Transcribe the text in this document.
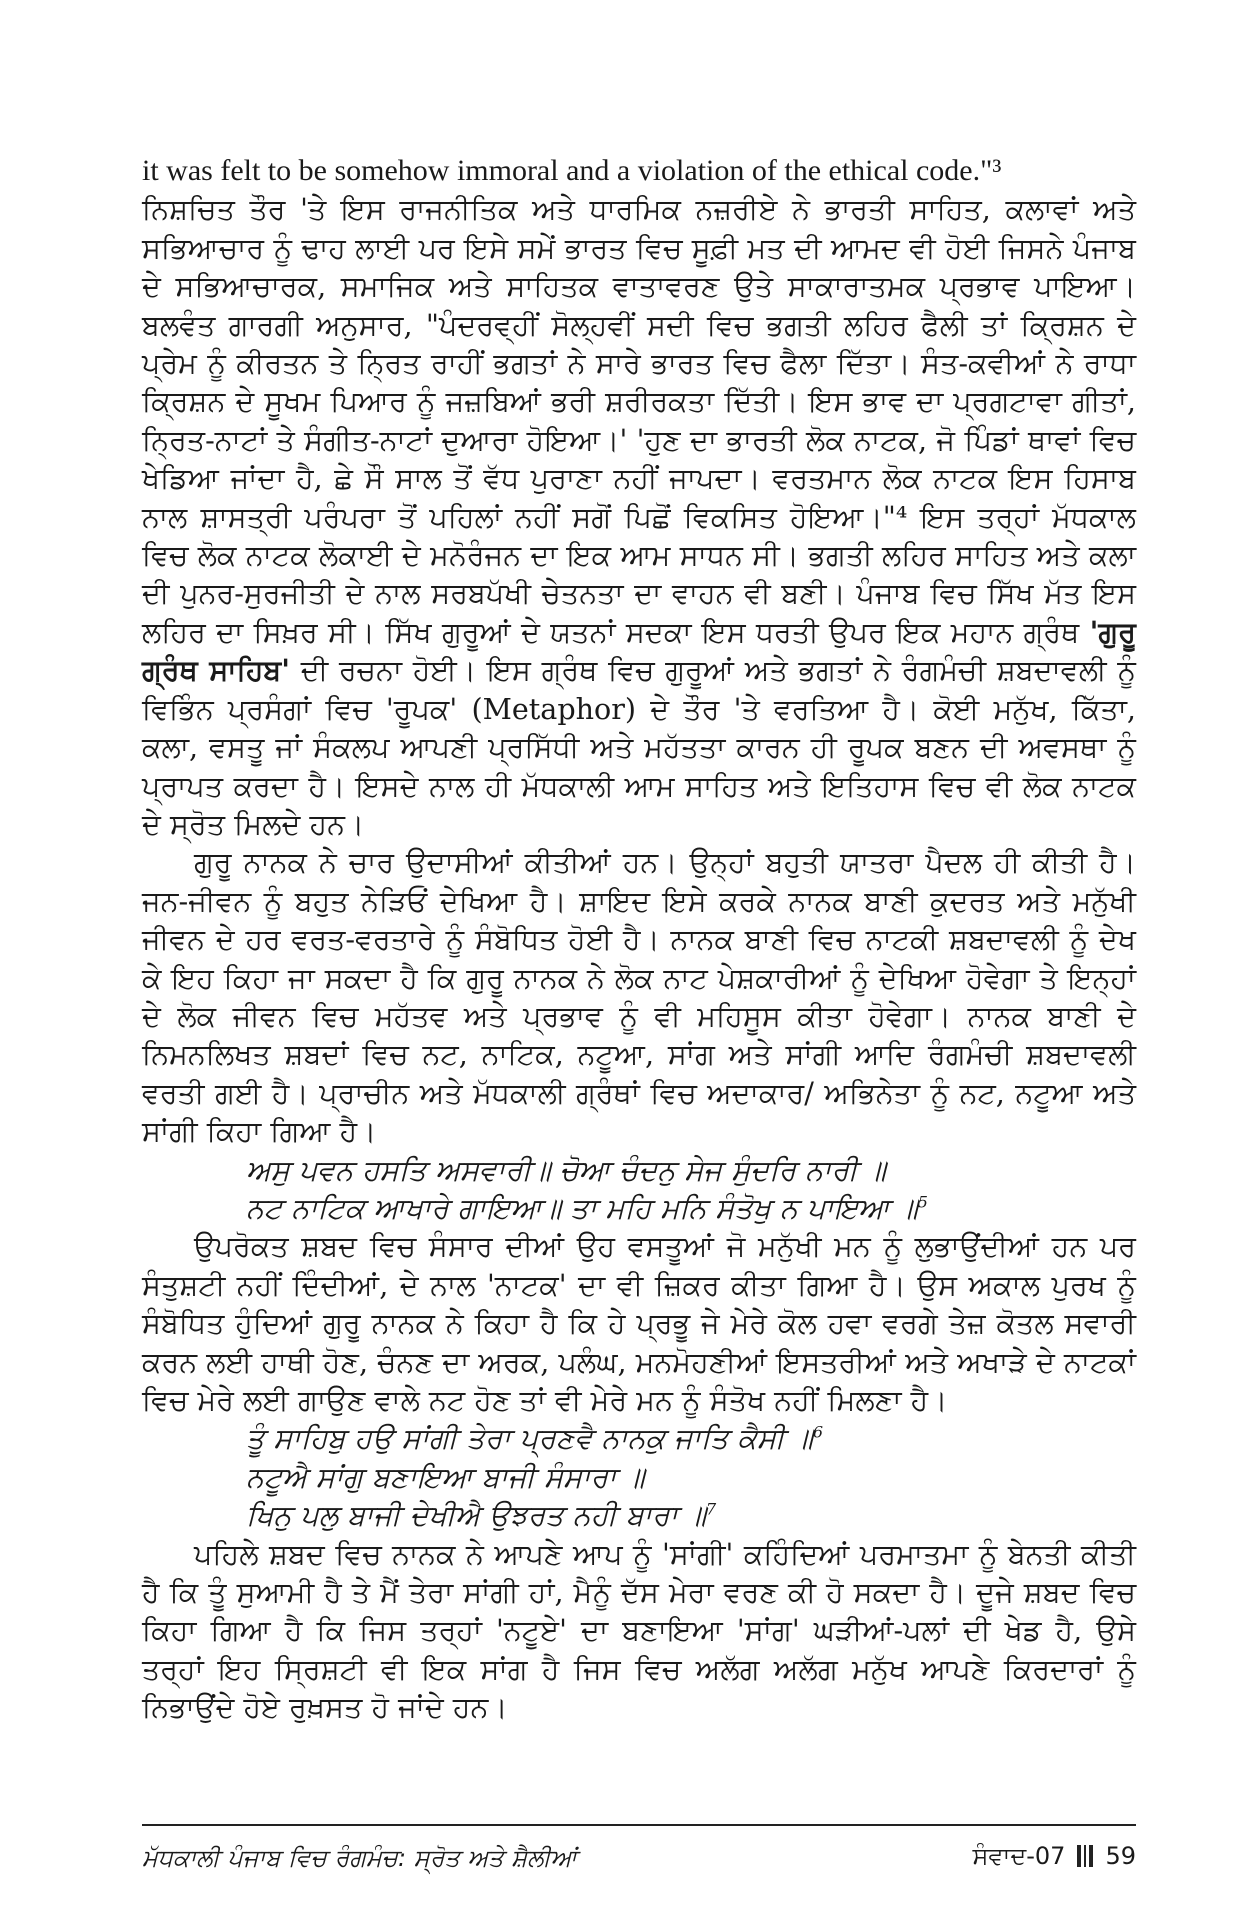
it was felt to be somehow immoral and a violation of the ethical code."³

ਨਿਸ਼ਚਿਤ ਤੌਰ 'ਤੇ ਇਸ ਰਾਜਨੀਤਿਕ ਅਤੇ ਧਾਰਮਿਕ ਨਜ਼ਰੀਏ ਨੇ ਭਾਰਤੀ ਸਾਹਿਤ, ਕਲਾਵਾਂ ਅਤੇ ਸਭਿਆਚਾਰ ਨੂੰ ਢਾਹ ਲਾਈ ਪਰ ਇਸੇ ਸਮੇਂ ਭਾਰਤ ਵਿਚ ਸੂਫ਼ੀ ਮਤ ਦੀ ਆਮਦ ਵੀ ਹੋਈ ਜਿਸਨੇ ਪੰਜਾਬ ਦੇ ਸਭਿਆਚਾਰਕ, ਸਮਾਜਿਕ ਅਤੇ ਸਾਹਿਤਕ ਵਾਤਾਵਰਣ ਉਤੇ ਸਾਕਾਰਾਤਮਕ ਪ੍ਰਭਾਵ ਪਾਇਆ। ਬਲਵੰਤ ਗਾਰਗੀ ਅਨੁਸਾਰ, "ਪੰਦਰਵ੍ਹੀਂ ਸੋਲ੍ਹਵੀਂ ਸਦੀ ਵਿਚ ਭਗਤੀ ਲਹਿਰ ਫੈਲੀ ਤਾਂ ਕ੍ਰਿਸ਼ਨ ਦੇ ਪ੍ਰੇਮ ਨੂੰ ਕੀਰਤਨ ਤੇ ਨ੍ਰਿਤ ਰਾਹੀਂ ਭਗਤਾਂ ਨੇ ਸਾਰੇ ਭਾਰਤ ਵਿਚ ਫੈਲਾ ਦਿੱਤਾ। ਸੰਤ-ਕਵੀਆਂ ਨੇ ਰਾਧਾ ਕ੍ਰਿਸ਼ਨ ਦੇ ਸੂਖਮ ਪਿਆਰ ਨੂੰ ਜਜ਼ਬਿਆਂ ਭਰੀ ਸ਼ਰੀਰਕਤਾ ਦਿੱਤੀ। ਇਸ ਭਾਵ ਦਾ ਪ੍ਰਗਟਾਵਾ ਗੀਤਾਂ, ਨ੍ਰਿਤ-ਨਾਟਾਂ ਤੇ ਸੰਗੀਤ-ਨਾਟਾਂ ਦੁਆਰਾ ਹੋਇਆ।' 'ਹੁਣ ਦਾ ਭਾਰਤੀ ਲੋਕ ਨਾਟਕ, ਜੋ ਪਿੰਡਾਂ ਥਾਵਾਂ ਵਿਚ ਖੇਡਿਆ ਜਾਂਦਾ ਹੈ, ਛੇ ਸੌ ਸਾਲ ਤੋਂ ਵੱਧ ਪੁਰਾਣਾ ਨਹੀਂ ਜਾਪਦਾ। ਵਰਤਮਾਨ ਲੋਕ ਨਾਟਕ ਇਸ ਹਿਸਾਬ ਨਾਲ ਸ਼ਾਸਤ੍ਰੀ ਪਰੰਪਰਾ ਤੋਂ ਪਹਿਲਾਂ ਨਹੀਂ ਸਗੋਂ ਪਿਛੋਂ ਵਿਕਸਿਤ ਹੋਇਆ।"⁴ ਇਸ ਤਰ੍ਹਾਂ ਮੱਧਕਾਲ ਵਿਚ ਲੋਕ ਨਾਟਕ ਲੋਕਾਈ ਦੇ ਮਨੋਰੰਜਨ ਦਾ ਇਕ ਆਮ ਸਾਧਨ ਸੀ। ਭਗਤੀ ਲਹਿਰ ਸਾਹਿਤ ਅਤੇ ਕਲਾ ਦੀ ਪੁਨਰ-ਸੁਰਜੀਤੀ ਦੇ ਨਾਲ ਸਰਬਪੱਖੀ ਚੇਤਨਤਾ ਦਾ ਵਾਹਨ ਵੀ ਬਣੀ। ਪੰਜਾਬ ਵਿਚ ਸਿੱਖ ਮੱਤ ਇਸ ਲਹਿਰ ਦਾ ਸਿਖ਼ਰ ਸੀ। ਸਿੱਖ ਗੁਰੂਆਂ ਦੇ ਯਤਨਾਂ ਸਦਕਾ ਇਸ ਧਰਤੀ ਉਪਰ ਇਕ ਮਹਾਨ ਗ੍ਰੰਥ 'ਗੁਰੂ ਗ੍ਰੰਥ ਸਾਹਿਬ' ਦੀ ਰਚਨਾ ਹੋਈ। ਇਸ ਗ੍ਰੰਥ ਵਿਚ ਗੁਰੂਆਂ ਅਤੇ ਭਗਤਾਂ ਨੇ ਰੰਗਮੰਚੀ ਸ਼ਬਦਾਵਲੀ ਨੂੰ ਵਿਭਿੰਨ ਪ੍ਰਸੰਗਾਂ ਵਿਚ 'ਰੂਪਕ' (Metaphor) ਦੇ ਤੌਰ 'ਤੇ ਵਰਤਿਆ ਹੈ। ਕੋਈ ਮਨੁੱਖ, ਕਿੱਤਾ, ਕਲਾ, ਵਸਤੂ ਜਾਂ ਸੰਕਲਪ ਆਪਣੀ ਪ੍ਰਸਿੱਧੀ ਅਤੇ ਮਹੱਤਤਾ ਕਾਰਨ ਹੀ ਰੂਪਕ ਬਣਨ ਦੀ ਅਵਸਥਾ ਨੂੰ ਪ੍ਰਾਪਤ ਕਰਦਾ ਹੈ। ਇਸਦੇ ਨਾਲ ਹੀ ਮੱਧਕਾਲੀ ਆਮ ਸਾਹਿਤ ਅਤੇ ਇਤਿਹਾਸ ਵਿਚ ਵੀ ਲੋਕ ਨਾਟਕ ਦੇ ਸ੍ਰੋਤ ਮਿਲਦੇ ਹਨ।

ਗੁਰੂ ਨਾਨਕ ਨੇ ਚਾਰ ਉਦਾਸੀਆਂ ਕੀਤੀਆਂ ਹਨ। ਉਨ੍ਹਾਂ ਬਹੁਤੀ ਯਾਤਰਾ ਪੈਦਲ ਹੀ ਕੀਤੀ ਹੈ। ਜਨ-ਜੀਵਨ ਨੂੰ ਬਹੁਤ ਨੇੜਿਓਂ ਦੇਖਿਆ ਹੈ। ਸ਼ਾਇਦ ਇਸੇ ਕਰਕੇ ਨਾਨਕ ਬਾਣੀ ਕੁਦਰਤ ਅਤੇ ਮਨੁੱਖੀ ਜੀਵਨ ਦੇ ਹਰ ਵਰਤ-ਵਰਤਾਰੇ ਨੂੰ ਸੰਬੋਧਿਤ ਹੋਈ ਹੈ। ਨਾਨਕ ਬਾਣੀ ਵਿਚ ਨਾਟਕੀ ਸ਼ਬਦਾਵਲੀ ਨੂੰ ਦੇਖ ਕੇ ਇਹ ਕਿਹਾ ਜਾ ਸਕਦਾ ਹੈ ਕਿ ਗੁਰੂ ਨਾਨਕ ਨੇ ਲੋਕ ਨਾਟ ਪੇਸ਼ਕਾਰੀਆਂ ਨੂੰ ਦੇਖਿਆ ਹੋਵੇਗਾ ਤੇ ਇਨ੍ਹਾਂ ਦੇ ਲੋਕ ਜੀਵਨ ਵਿਚ ਮਹੱਤਵ ਅਤੇ ਪ੍ਰਭਾਵ ਨੂੰ ਵੀ ਮਹਿਸੂਸ ਕੀਤਾ ਹੋਵੇਗਾ। ਨਾਨਕ ਬਾਣੀ ਦੇ ਨਿਮਨਲਿਖਤ ਸ਼ਬਦਾਂ ਵਿਚ ਨਟ, ਨਾਟਿਕ, ਨਟੂਆ, ਸਾਂਗ ਅਤੇ ਸਾਂਗੀ ਆਦਿ ਰੰਗਮੰਚੀ ਸ਼ਬਦਾਵਲੀ ਵਰਤੀ ਗਈ ਹੈ। ਪ੍ਰਾਚੀਨ ਅਤੇ ਮੱਧਕਾਲੀ ਗ੍ਰੰਥਾਂ ਵਿਚ ਅਦਾਕਾਰ/ ਅਭਿਨੇਤਾ ਨੂੰ ਨਟ, ਨਟੂਆ ਅਤੇ ਸਾਂਗੀ ਕਿਹਾ ਗਿਆ ਹੈ।

ਅਸੁ ਪਵਨ ਹਸਤਿ ਅਸਵਾਰੀ॥ ਚੋਆ ਚੰਦਨੁ ਸੇਜ ਸੁੰਦਰਿ ਨਾਰੀ ॥

ਨਟ ਨਾਟਿਕ ਆਖਾਰੇ ਗਾਇਆ॥ ਤਾ ਮਹਿ ਮਨਿ ਸੰਤੋਖੁ ਨ ਪਾਇਆ ॥$^5$

ਉਪਰੋਕਤ ਸ਼ਬਦ ਵਿਚ ਸੰਸਾਰ ਦੀਆਂ ਉਹ ਵਸਤੂਆਂ ਜੋ ਮਨੁੱਖੀ ਮਨ ਨੂੰ ਲੁਭਾਉਂਦੀਆਂ ਹਨ ਪਰ ਸੰਤੁਸ਼ਟੀ ਨਹੀਂ ਦਿੰਦੀਆਂ, ਦੇ ਨਾਲ 'ਨਾਟਕ' ਦਾ ਵੀ ਜ਼ਿਕਰ ਕੀਤਾ ਗਿਆ ਹੈ। ਉਸ ਅਕਾਲ ਪੁਰਖ ਨੂੰ ਸੰਬੋਧਿਤ ਹੁੰਦਿਆਂ ਗੁਰੂ ਨਾਨਕ ਨੇ ਕਿਹਾ ਹੈ ਕਿ ਹੇ ਪ੍ਰਭੂ ਜੇ ਮੇਰੇ ਕੋਲ ਹਵਾ ਵਰਗੇ ਤੇਜ਼ ਕੋਤਲ ਸਵਾਰੀ ਕਰਨ ਲਈ ਹਾਥੀ ਹੋਣ, ਚੰਨਣ ਦਾ ਅਰਕ, ਪਲੰਘ, ਮਨਮੋਹਣੀਆਂ ਇਸਤਰੀਆਂ ਅਤੇ ਅਖਾੜੇ ਦੇ ਨਾਟਕਾਂ ਵਿਚ ਮੇਰੇ ਲਈ ਗਾਉਣ ਵਾਲੇ ਨਟ ਹੋਣ ਤਾਂ ਵੀ ਮੇਰੇ ਮਨ ਨੂੰ ਸੰਤੋਖ ਨਹੀਂ ਮਿਲਣਾ ਹੈ।

ਤੂੰ ਸਾਹਿਬੁ ਹਉ ਸਾਂਗੀ ਤੇਰਾ ਪ੍ਰਣਵੈ ਨਾਨਕੁ ਜਾਤਿ ਕੈਸੀ ॥$^6$

ਨਟੂਐ ਸਾਂਗੁ ਬਣਾਇਆ ਬਾਜੀ ਸੰਸਾਰਾ ॥

ਖਿਨੁ ਪਲੁ ਬਾਜੀ ਦੇਖੀਐ ਉਝਰਤ ਨਹੀ ਬਾਰਾ ॥$^7$

ਪਹਿਲੇ ਸ਼ਬਦ ਵਿਚ ਨਾਨਕ ਨੇ ਆਪਣੇ ਆਪ ਨੂੰ 'ਸਾਂਗੀ' ਕਹਿੰਦਿਆਂ ਪਰਮਾਤਮਾ ਨੂੰ ਬੇਨਤੀ ਕੀਤੀ ਹੈ ਕਿ ਤੂੰ ਸੁਆਮੀ ਹੈ ਤੇ ਮੈਂ ਤੇਰਾ ਸਾਂਗੀ ਹਾਂ, ਮੈਨੂੰ ਦੱਸ ਮੇਰਾ ਵਰਣ ਕੀ ਹੋ ਸਕਦਾ ਹੈ। ਦੂਜੇ ਸ਼ਬਦ ਵਿਚ ਕਿਹਾ ਗਿਆ ਹੈ ਕਿ ਜਿਸ ਤਰ੍ਹਾਂ 'ਨਟੂਏ' ਦਾ ਬਣਾਇਆ 'ਸਾਂਗ' ਘੜੀਆਂ-ਪਲਾਂ ਦੀ ਖੇਡ ਹੈ, ਉਸੇ ਤਰ੍ਹਾਂ ਇਹ ਸ੍ਰਿਸ਼ਟੀ ਵੀ ਇਕ ਸਾਂਗ ਹੈ ਜਿਸ ਵਿਚ ਅਲੱਗ ਅਲੱਗ ਮਨੁੱਖ ਆਪਣੇ ਕਿਰਦਾਰਾਂ ਨੂੰ ਨਿਭਾਉਂਦੇ ਹੋਏ ਰੁਖ਼ਸਤ ਹੋ ਜਾਂਦੇ ਹਨ।

ਮੱਧਕਾਲੀ ਪੰਜਾਬ ਵਿਚ ਰੰਗਮੰਚ: ਸ੍ਰੋਤ ਅਤੇ ਸ਼ੈਲੀਆਂ	ਸੰਵਾਦ-07 59
